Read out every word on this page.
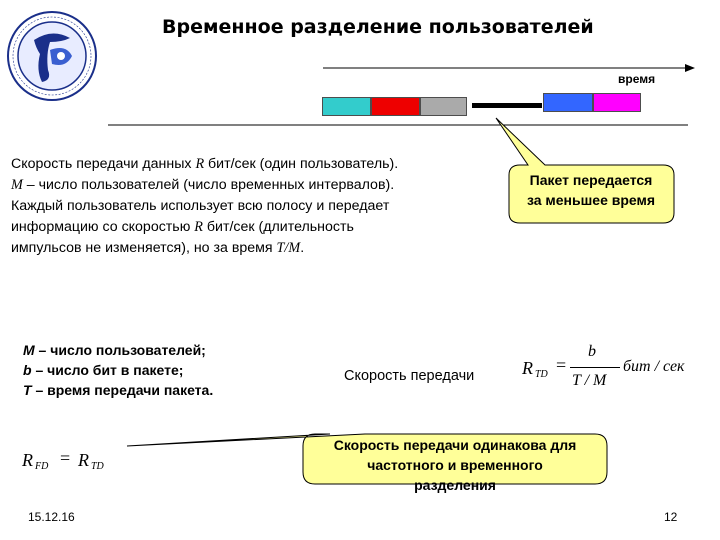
Временное разделение пользователей
время

Скорость передачи данных R бит/сек (один пользователь).

M – число пользователей (число временных интервалов).

Каждый пользователь использует всю полосу и передает

информацию со скоростью R бит/сек (длительность

импульсов не изменяется), но за время T/M.

Пакет передается
за меньшее время

M – число пользователей;

b – число бит в пакете;

T – время передачи пакета.

Скорость передачи	R TD =
b
T / M
бит / сек
R FD = R TD
Скорость передачи одинакова для
частотного и временного
разделения
15.12.16	12
